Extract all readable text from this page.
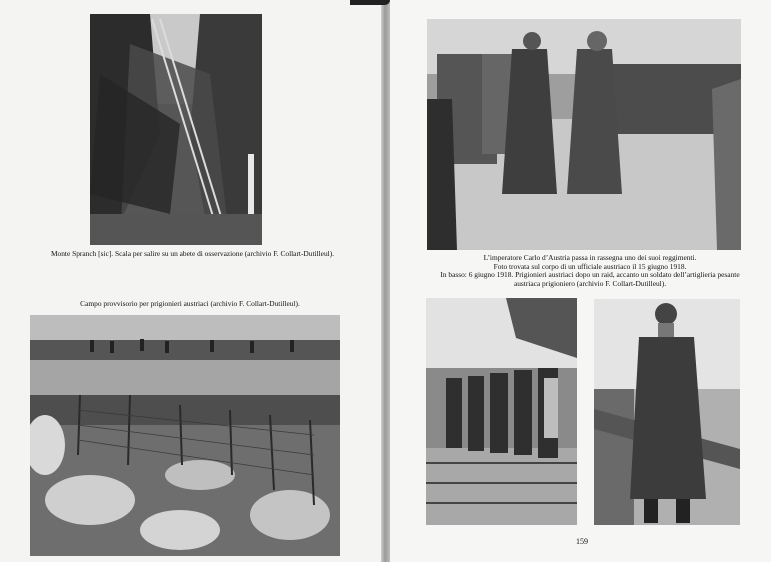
Monte Spranch [sic]. Scala per salire su un abete di osservazione (archivio F. Collart-Dutilleul).
Campo provvisorio per prigionieri austriaci (archivio F. Collart-Dutilleul).
L’imperatore Carlo d’Austria passa in rassegna uno dei suoi reggimenti.
Foto trovata sul corpo di un ufficiale austriaco il 15 giugno 1918.
In basso: 6 giugno 1918. Prigionieri austriaci dopo un raid, accanto un soldato dell’artiglieria pesante
austriaca prigioniero (archivio F. Collart-Dutilleul).
159
